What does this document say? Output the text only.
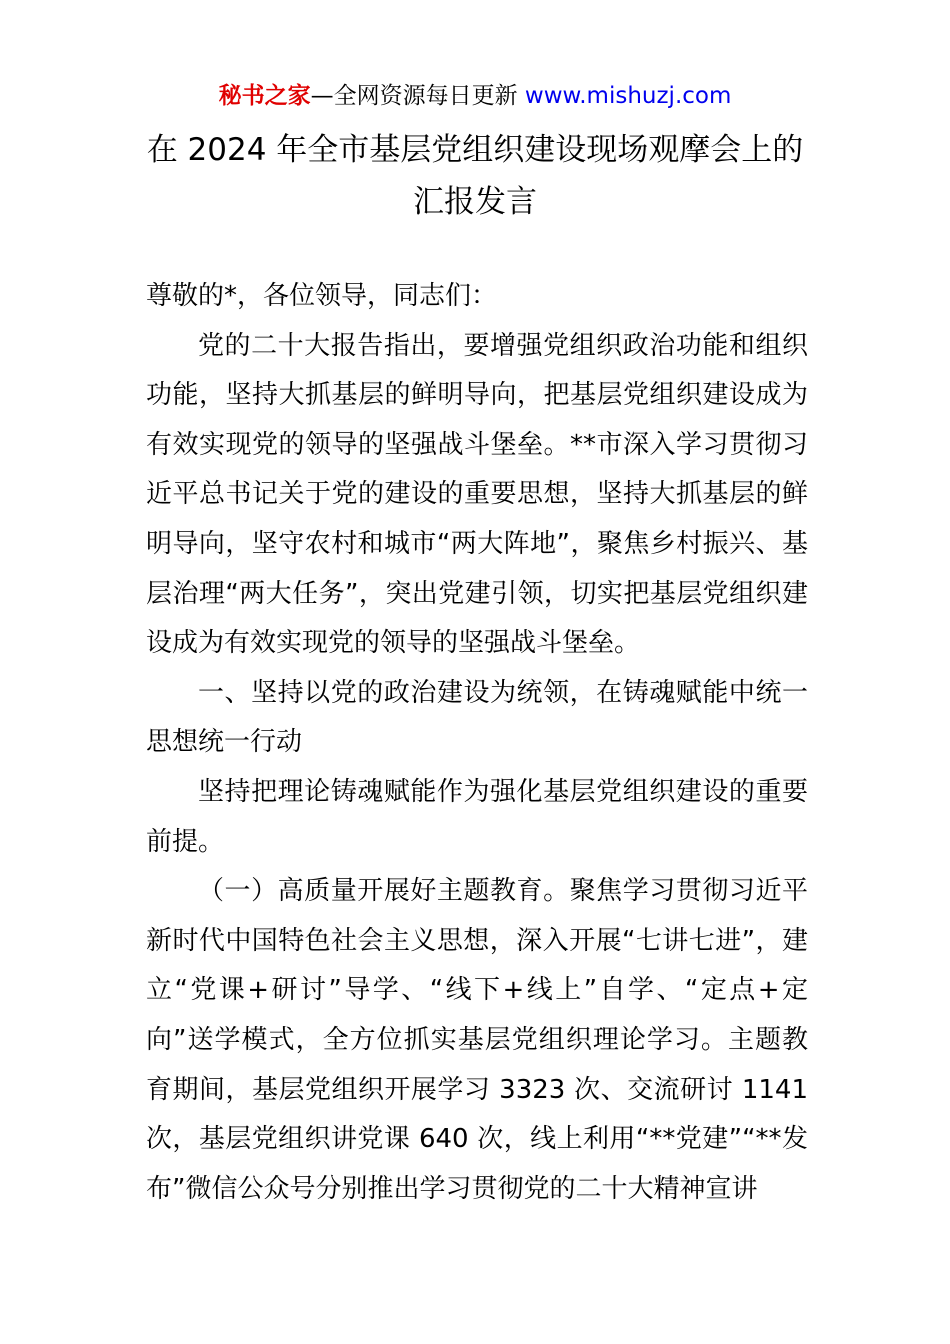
秘书之家—全网资源每日更新 www.mishuzj.com
在 2024 年全市基层党组织建设现场观摩会上的
汇报发言

尊敬的*，各位领导，同志们：

党的二十大报告指出，要增强党组织政治功能和组织功能，坚持大抓基层的鲜明导向，把基层党组织建设成为有效实现党的领导的坚强战斗堡垒。**市深入学习贯彻习近平总书记关于党的建设的重要思想，坚持大抓基层的鲜明导向，坚守农村和城市“两大阵地”，聚焦乡村振兴、基层治理“两大任务”，突出党建引领，切实把基层党组织建设成为有效实现党的领导的坚强战斗堡垒。

一、坚持以党的政治建设为统领，在铸魂赋能中统一思想统一行动

坚持把理论铸魂赋能作为强化基层党组织建设的重要前提。

（一）高质量开展好主题教育。聚焦学习贯彻习近平新时代中国特色社会主义思想，深入开展“七讲七进”，建立“党课+研讨”导学、“线下+线上”自学、“定点+定向”送学模式，全方位抓实基层党组织理论学习。主题教育期间，基层党组织开展学习 3323 次、交流研讨 1141 次，基层党组织讲党课 640 次，线上利用“**党建”“**发布”微信公众号分别推出学习贯彻党的二十大精神宣讲
